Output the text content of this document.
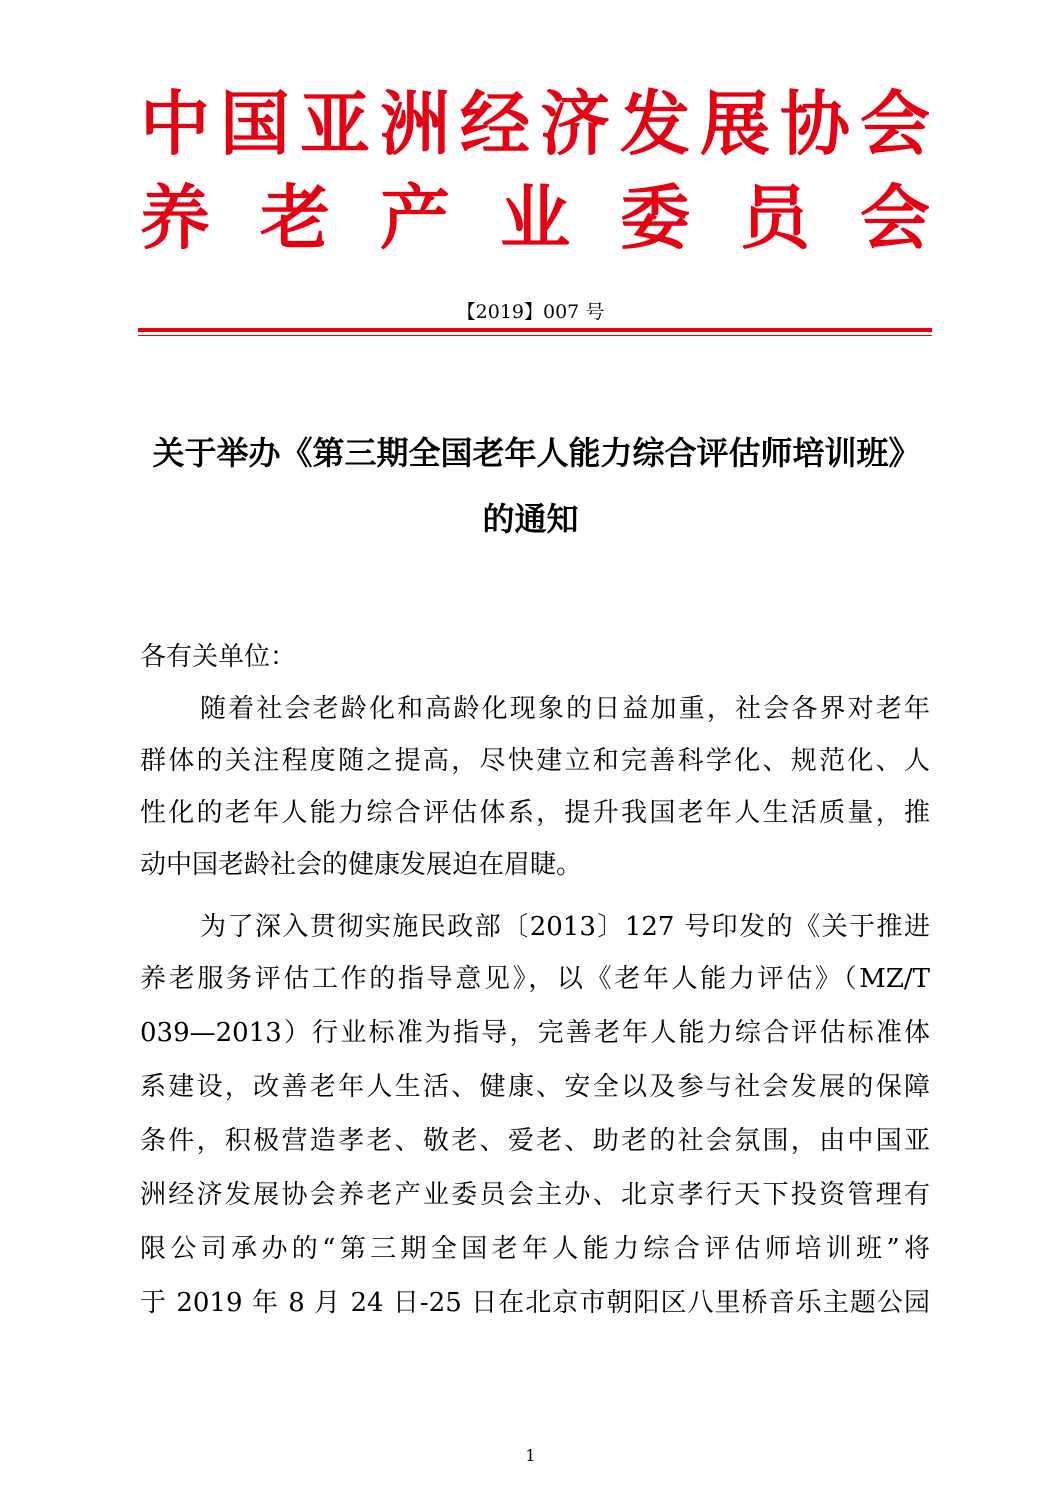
中国亚洲经济发展协会
养老产业委员会
【2019】007 号
关于举办《第三期全国老年人能力综合评估师培训班》
的通知
各有关单位：
随着社会老龄化和高龄化现象的日益加重，社会各界对老年
群体的关注程度随之提高，尽快建立和完善科学化、规范化、人
性化的老年人能力综合评估体系，提升我国老年人生活质量，推
动中国老龄社会的健康发展迫在眉睫。
为了深入贯彻实施民政部〔2013〕127 号印发的《关于推进
养老服务评估工作的指导意见》，以《老年人能力评估》（MZ/T
039—2013）行业标准为指导，完善老年人能力综合评估标准体
系建设，改善老年人生活、健康、安全以及参与社会发展的保障
条件，积极营造孝老、敬老、爱老、助老的社会氛围，由中国亚
洲经济发展协会养老产业委员会主办、北京孝行天下投资管理有
限公司承办的“第三期全国老年人能力综合评估师培训班”将
于 2019 年 8 月 24 日-25 日在北京市朝阳区八里桥音乐主题公园
1
